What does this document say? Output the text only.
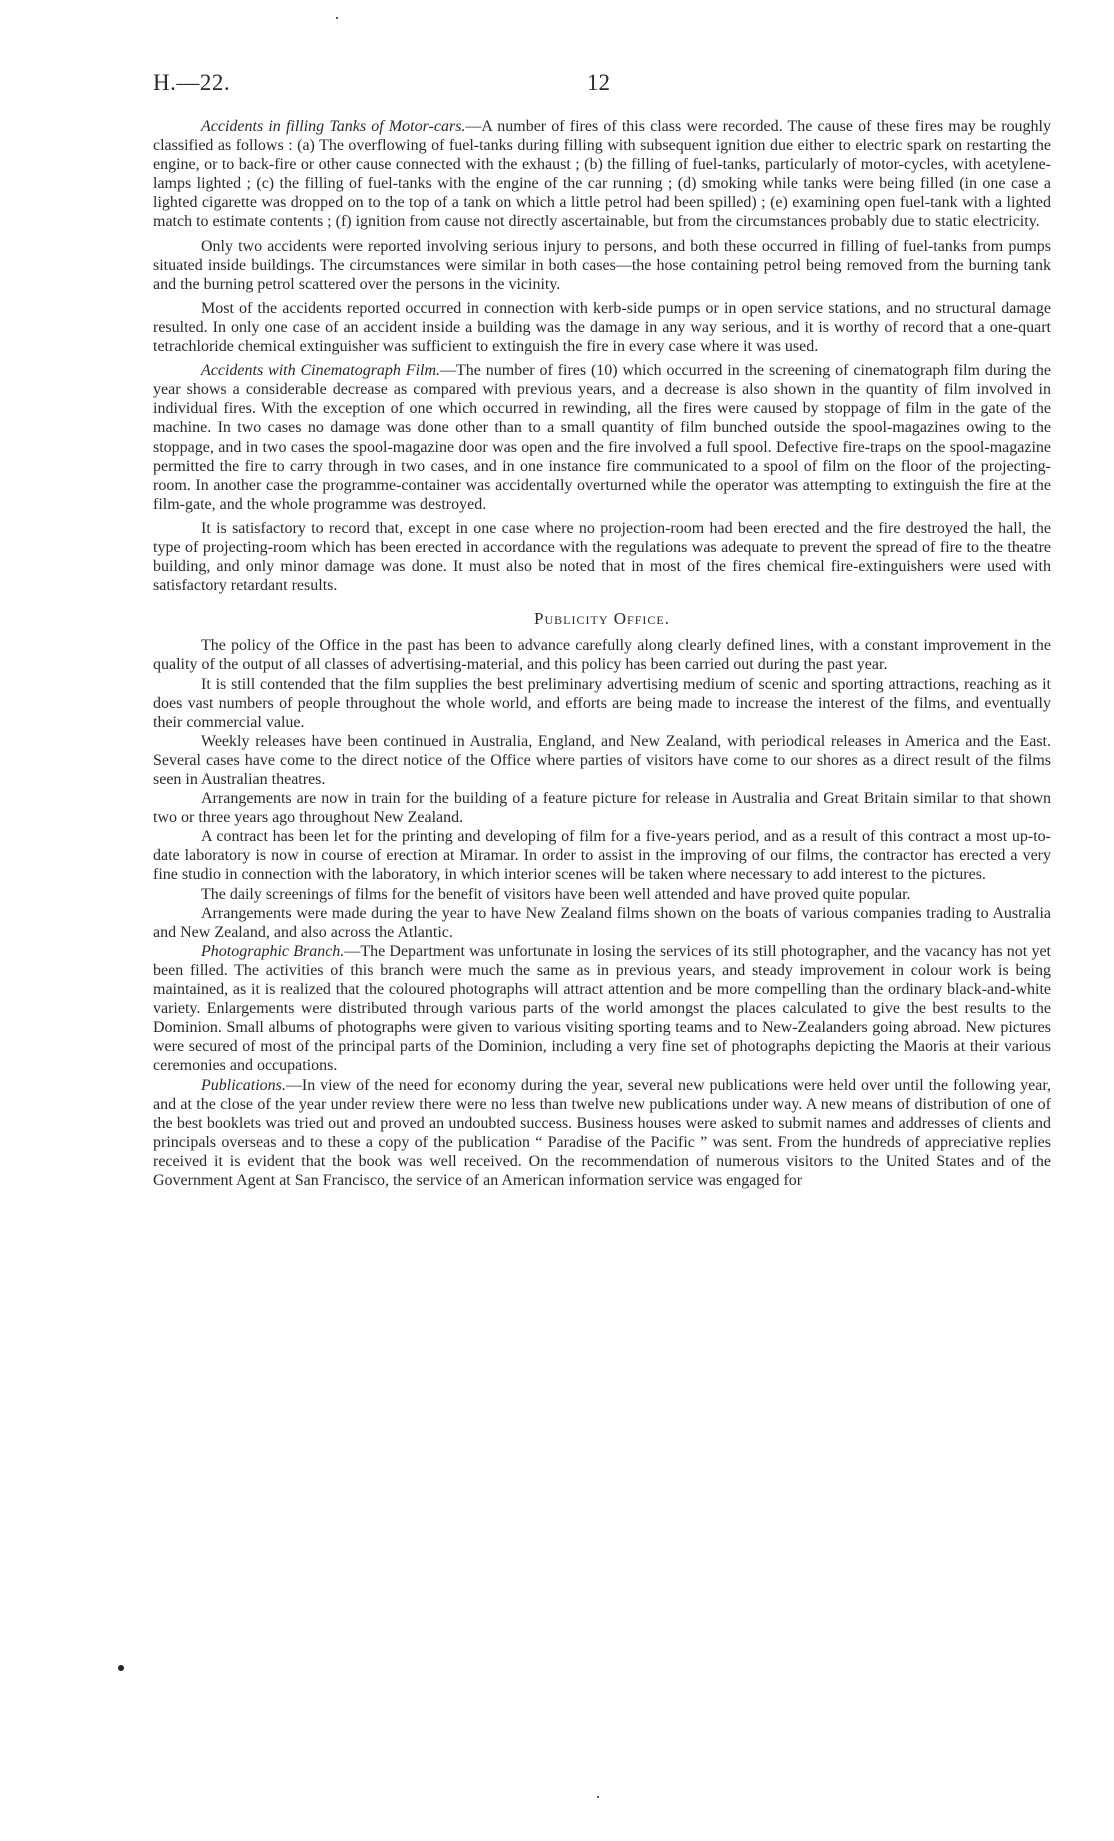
H.—22.	12

Accidents in filling Tanks of Motor-cars.—A number of fires of this class were recorded. The cause of these fires may be roughly classified as follows : (a) The overflowing of fuel-tanks during filling with subsequent ignition due either to electric spark on restarting the engine, or to back-fire or other cause connected with the exhaust ; (b) the filling of fuel-tanks, particularly of motor-cycles, with acetylene-lamps lighted ; (c) the filling of fuel-tanks with the engine of the car running ; (d) smoking while tanks were being filled (in one case a lighted cigarette was dropped on to the top of a tank on which a little petrol had been spilled) ; (e) examining open fuel-tank with a lighted match to estimate contents ; (f) ignition from cause not directly ascertainable, but from the circumstances probably due to static electricity.

Only two accidents were reported involving serious injury to persons, and both these occurred in filling of fuel-tanks from pumps situated inside buildings. The circumstances were similar in both cases—the hose containing petrol being removed from the burning tank and the burning petrol scattered over the persons in the vicinity.

Most of the accidents reported occurred in connection with kerb-side pumps or in open service stations, and no structural damage resulted. In only one case of an accident inside a building was the damage in any way serious, and it is worthy of record that a one-quart tetrachloride chemical extinguisher was sufficient to extinguish the fire in every case where it was used.

Accidents with Cinematograph Film.—The number of fires (10) which occurred in the screening of cinematograph film during the year shows a considerable decrease as compared with previous years, and a decrease is also shown in the quantity of film involved in individual fires. With the exception of one which occurred in rewinding, all the fires were caused by stoppage of film in the gate of the machine. In two cases no damage was done other than to a small quantity of film bunched outside the spool-magazines owing to the stoppage, and in two cases the spool-magazine door was open and the fire involved a full spool. Defective fire-traps on the spool-magazine permitted the fire to carry through in two cases, and in one instance fire communicated to a spool of film on the floor of the projecting-room. In another case the programme-container was accidentally overturned while the operator was attempting to extinguish the fire at the film-gate, and the whole programme was destroyed.

It is satisfactory to record that, except in one case where no projection-room had been erected and the fire destroyed the hall, the type of projecting-room which has been erected in accordance with the regulations was adequate to prevent the spread of fire to the theatre building, and only minor damage was done. It must also be noted that in most of the fires chemical fire-extinguishers were used with satisfactory retardant results.

Publicity Office.

The policy of the Office in the past has been to advance carefully along clearly defined lines, with a constant improvement in the quality of the output of all classes of advertising-material, and this policy has been carried out during the past year.

It is still contended that the film supplies the best preliminary advertising medium of scenic and sporting attractions, reaching as it does vast numbers of people throughout the whole world, and efforts are being made to increase the interest of the films, and eventually their commercial value.

Weekly releases have been continued in Australia, England, and New Zealand, with periodical releases in America and the East. Several cases have come to the direct notice of the Office where parties of visitors have come to our shores as a direct result of the films seen in Australian theatres.

Arrangements are now in train for the building of a feature picture for release in Australia and Great Britain similar to that shown two or three years ago throughout New Zealand.

A contract has been let for the printing and developing of film for a five-years period, and as a result of this contract a most up-to-date laboratory is now in course of erection at Miramar. In order to assist in the improving of our films, the contractor has erected a very fine studio in connection with the laboratory, in which interior scenes will be taken where necessary to add interest to the pictures.

The daily screenings of films for the benefit of visitors have been well attended and have proved quite popular.

Arrangements were made during the year to have New Zealand films shown on the boats of various companies trading to Australia and New Zealand, and also across the Atlantic.

Photographic Branch.—The Department was unfortunate in losing the services of its still photographer, and the vacancy has not yet been filled. The activities of this branch were much the same as in previous years, and steady improvement in colour work is being maintained, as it is realized that the coloured photographs will attract attention and be more compelling than the ordinary black-and-white variety. Enlargements were distributed through various parts of the world amongst the places calculated to give the best results to the Dominion. Small albums of photographs were given to various visiting sporting teams and to New-Zealanders going abroad. New pictures were secured of most of the principal parts of the Dominion, including a very fine set of photographs depicting the Maoris at their various ceremonies and occupations.

Publications.—In view of the need for economy during the year, several new publications were held over until the following year, and at the close of the year under review there were no less than twelve new publications under way. A new means of distribution of one of the best booklets was tried out and proved an undoubted success. Business houses were asked to submit names and addresses of clients and principals overseas and to these a copy of the publication “ Paradise of the Pacific ” was sent. From the hundreds of appreciative replies received it is evident that the book was well received. On the recommendation of numerous visitors to the United States and of the Government Agent at San Francisco, the service of an American information service was engaged for
